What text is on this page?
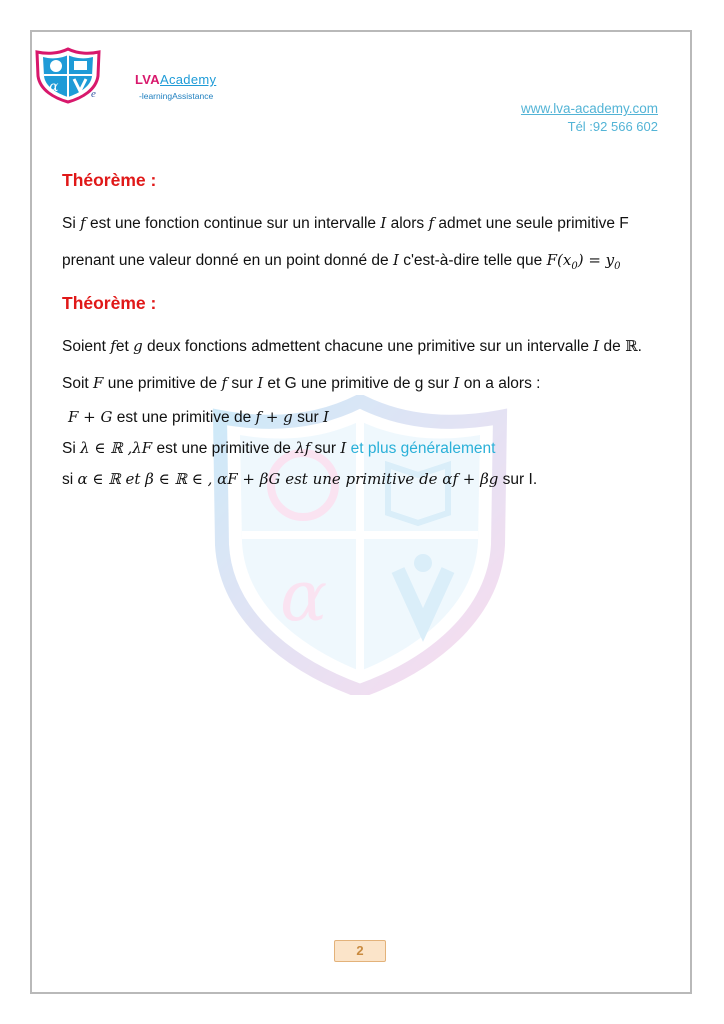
α
α	e
LVAAcademy
-learningAssistance
www.lva-academy.com
Tél :92 566 602

Théorème :

Si f est une fonction continue sur un intervalle I alors f admet une seule primitive F prenant une valeur donné en un point donné de I c'est-à-dire telle que $F(x_0) = y_0$

Théorème :

Soient fet g deux fonctions admettent chacune une primitive sur un intervalle I de ℝ. Soit F une primitive de f sur I et G une primitive de g sur I on a alors :

F + G est une primitive de f + g sur I

Si λ ∈ ℝ ,λF est une primitive de λf sur I et plus généralement

si α ∈ ℝ et β ∈ ℝ ∈ , αF + βG est une primitive de αf + βg sur I.

2
